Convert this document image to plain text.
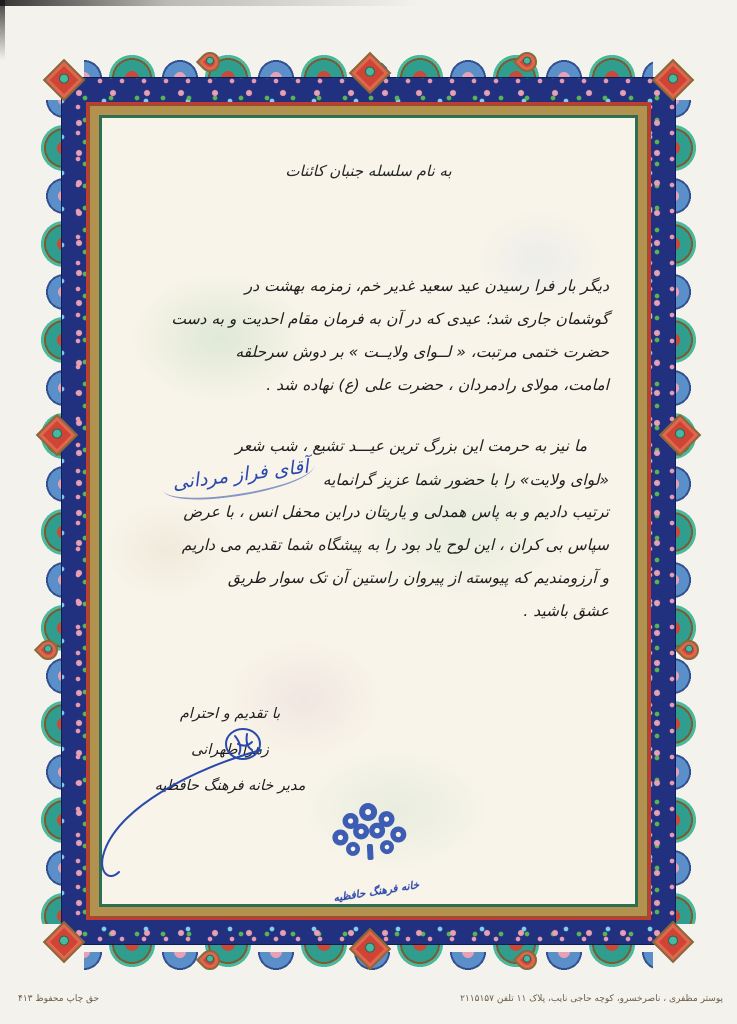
به نام سلسله جنبان کائنات
دیگر بار فرا رسیدن عید سعید غدیر خم، زمزمه بهشت در
گوشمان جاری شد؛ عیدی که در آن به فرمان مقام احدیت و به دست
حضرت ختمی مرتبت، « لــوای ولایــت » بر دوش سرحلقه
امامت، مولای رادمردان ، حضرت علی (ع) نهاده شد .
ما نیز به حرمت این بزرگ ترین عیـــد تشیع ، شب شعر
«لوای ولایت» را با حضور شما عزیز گرانمایه آقای فراز مردانی
ترتیب دادیم و به پاس همدلی و یاریتان دراین محفل انس ، با عرض
سپاس بی کران ، این لوح یاد بود را به پیشگاه شما تقدیم می داریم
و آرزومندیم که پیوسته از پیروان راستین آن تک سوار طریق
عشق باشید .
با تقدیم و احترام
زهرا طهرانی
مدیر خانه فرهنگ حافظیه
خانه فرهنگ حافظیه
پوستر مظفری ، ناصرخسرو، کوچه حاجی نایب، پلاک ۱۱ تلفن ۲۱۱۵۱۵۷
حق چاپ محفوظ ۴۱۳
